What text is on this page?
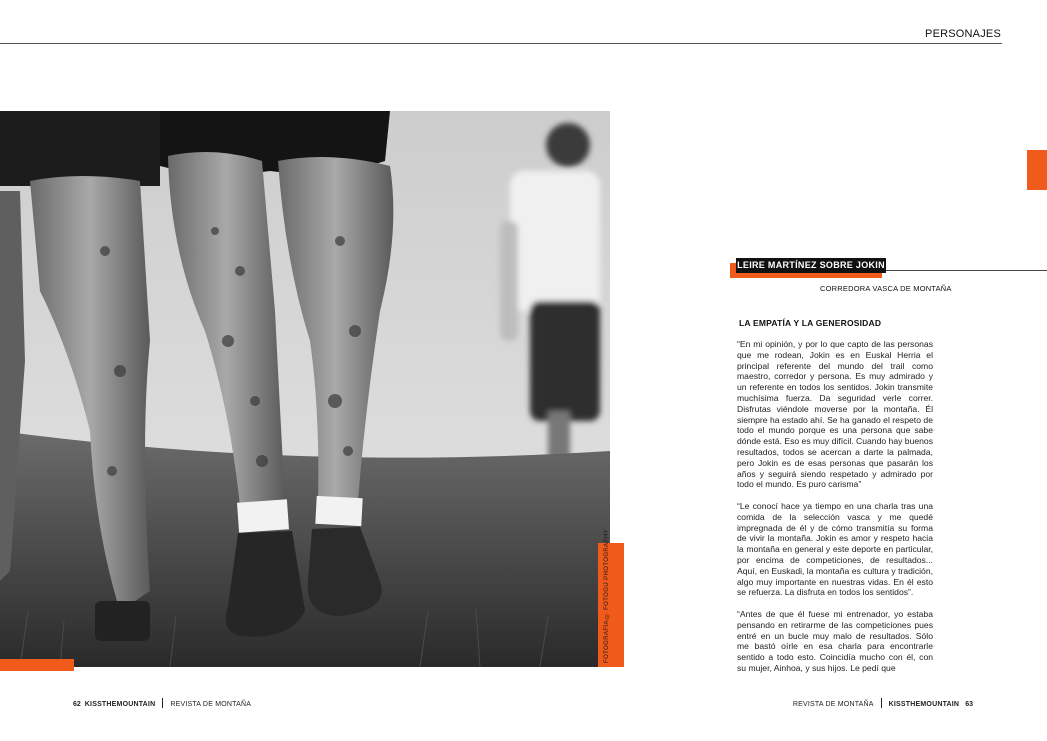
PERSONAJES
FOTOGRAFÍA © FOTOGÜ PHOTOGRAPHY
LEIRE MARTÍNEZ SOBRE JOKIN
CORREDORA VASCA DE MONTAÑA
LA EMPATÍA Y LA GENEROSIDAD

“En mi opinión, y por lo que capto de las personas que me rodean, Jokin es en Euskal Herria el principal referente del mundo del trail como maestro, corredor y persona. Es muy admirado y un referente en todos los sentidos. Jokin transmite muchísima fuerza. Da seguridad verle correr. Disfrutas viéndole moverse por la montaña. Él siempre ha estado ahí. Se ha ganado el respeto de todo el mundo porque es una persona que sabe dónde está. Eso es muy difícil. Cuando hay buenos resultados, todos se acercan a darte la palmada, pero Jokin es de esas personas que pasarán los años y seguirá siendo respetado y admirado por todo el mundo. Es puro carisma”

“Le conocí hace ya tiempo en una charla tras una comida de la selección vasca y me quedé impregnada de él y de cómo transmitía su forma de vivir la montaña. Jokin es amor y respeto hacia la montaña en general y este deporte en particular, por encima de competiciones, de resultados... Aquí, en Euskadi, la montaña es cultura y tradición, algo muy importante en nuestras vidas. En él esto se refuerza. La disfruta en todos los sentidos”.

“Antes de que él fuese mi entrenador, yo estaba pensando en retirarme de las competiciones pues entré en un bucle muy malo de resultados. Sólo me bastó oírle en esa charla para encontrarle sentido a todo esto. Coincidía mucho con él, con su mujer, Ainhoa, y sus hijos. Le pedí que

62 KISSTHEMOUNTAIN REVISTA DE MONTAÑA	REVISTA DE MONTAÑA KISSTHEMOUNTAIN 63
